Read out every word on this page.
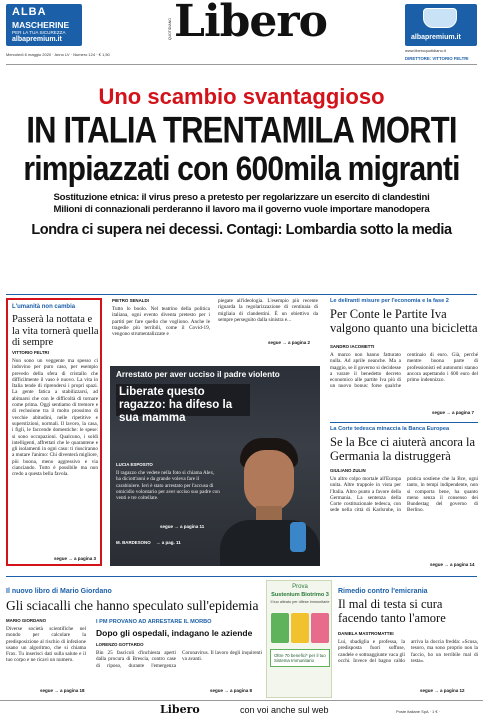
ALBA
MASCHERINE
PER LA TUA SICUREZZA
albapremium.it	QUOTIDIANO Libero	albapremium.it
Mercoledì 6 maggio 2020 · Anno LV · Numero 124 · € 1,50
www.liberoquotidiano.it
DIRETTORE: VITTORIO FELTRI
Uno scambio svantaggioso
IN ITALIA TRENTAMILA MORTI
rimpiazzati con 600mila migranti
Sostituzione etnica: il virus preso a pretesto per regolarizzare un esercito di clandestini
Milioni di connazionali perderanno il lavoro ma il governo vuole importare manodopera
Londra ci supera nei decessi. Contagi: Lombardia sotto la media
L'umanità non cambia
Passerà la nottata e la vita tornerà quella di sempre
VITTORIO FELTRI
Non sono un veggente ma spesso ci indovino per puro caso, per esempio prevedo della sfera di cristallo che difficilmente il vaso è nuovo. La vita in Italia tende di riprendersi i propri spazi. La gente fatica a stabilizzarsi, ad abituarsi che con le difficoltà di tornare come prima. Oggi sentiamo di tremore e di reclusione tra il molto prossimo di vecchie abitudini, nelle ripetitive e superstizioni, normali. Il lavoro, la casa, i figli, le faccende domestiche: le spese: si sono occupazioni. Qualcuno, i soldi intelligenti, affrettati che le quarantene e gli isolamenti in ogni caso: ti riusciranno a mutare l'animo: Chi diventerà migliore, più buona, meno aggressivo e via cianciando. Tutto è possibile ma non credo a questa bella favola.
segue → a pagina 3
PIETRO SENALDI
Tutto lo boolo. Nel teatrino della politica italiana, ogni evento diventa pretesto per i partiti per fare quello che vogliono. Anche le tragedie più terribili, come il Covid-19, vengono strumentalizzate e
piegate all'ideologia. L'esempio più recente riguarda la regolarizzazione di centinaia di migliaia di clandestini. È un obiettivo da sempre perseguito dalla sinistra e...
segue → a pagina 2
Arrestato per aver ucciso il padre violento
Liberate questo ragazzo: ha difeso la sua mamma
LUCIA ESPOSITO
Il ragazzo che vedete nella foto si chiama Alex, ha diciott'anni e da grande voleva fare il carabiniere. Ieri è stato arrestato per l'accusa di omicidio volontario per aver ucciso suo padre con venti e tre coltellate.
segue → a pagina 11
M. BARDESONO → a pag. 11
Le deliranti misure per l'economia e la fase 2
Per Conte le Partite Iva valgono quanto una bicicletta
SANDRO IACOMETTI
A marzo non hanno fatturato nulla. Ad aprile neanche. Ma a maggio, se il governo si decidesse a varare il benedetto decreto economico alle partite Iva più di un nuovo bonus: forse qualche centinaio di euro. Già, perché mentre buona parte di professionisti ed autonomi stanno ancora aspettando i 600 euro del primo indennizzo.
segue → a pagina 7
La Corte tedesca minaccia la Banca Europea
Se la Bce ci aiuterà ancora la Germania la distruggerà
GIULIANO ZULIN
Un altro colpo mortale all'Europa unita. Altre trappole in vista per l'Italia. Altro punto a favore della Germania. La sentenza della Corte costituzionale tedesca, con sede nella città di Karlsruhe, in pratica sostiene che la Bce, ogni tanto, in tempi indipendente, non si comporta bene, ha quanto meno senza il consenso dei Bundestag del governo di Berlino.
segue → a pagina 14
Il nuovo libro di Mario Giordano
Gli sciacalli che hanno speculato sull'epidemia
MARIO GIORDANO
Diverse società scientifiche nel mondo per calcolare la predisposizione al rischio di infezione usano un algoritmo, che si chiama Frax. Tu inserisci dati sulla salute e il tuo corpo e ne ricavi un numero.
segue → a pagina 18
I PM PROVANO AD ARRESTARE IL MORBO
Dopo gli ospedali, indagano le aziende
LORENZO GOTTARDO
Bin 25 fascicoli d'inchiesta aperti dalla procura di Brescia, contro case di riposo, durante l'emergenza Coronavirus. Il lavoro degli inquirenti va avanti.
segue → a pagina 8
Prova
Sustenium Biotrimo 3
Il tuo alleato per difese immunitarie
Oltre 70 benefici* per il tuo Sistema Immunitario
Rimedio contro l'emicrania
Il mal di testa si cura facendo tanto l'amore
DANIELA MASTROMATTEI
Lui, sbadiglia e professa, la predisposta fuori soffuse, candele e sottoaggiunte vaca gli occhi. Invece del bagno caldo arriva la doccia fredda: «Scusa, tesoro, ma sono proprio non la faccio, ho un terribile mal di testa».
segue → a pagina 12
Libero	con voi anche sul web	Poste italiane SpA · 1 € ·
